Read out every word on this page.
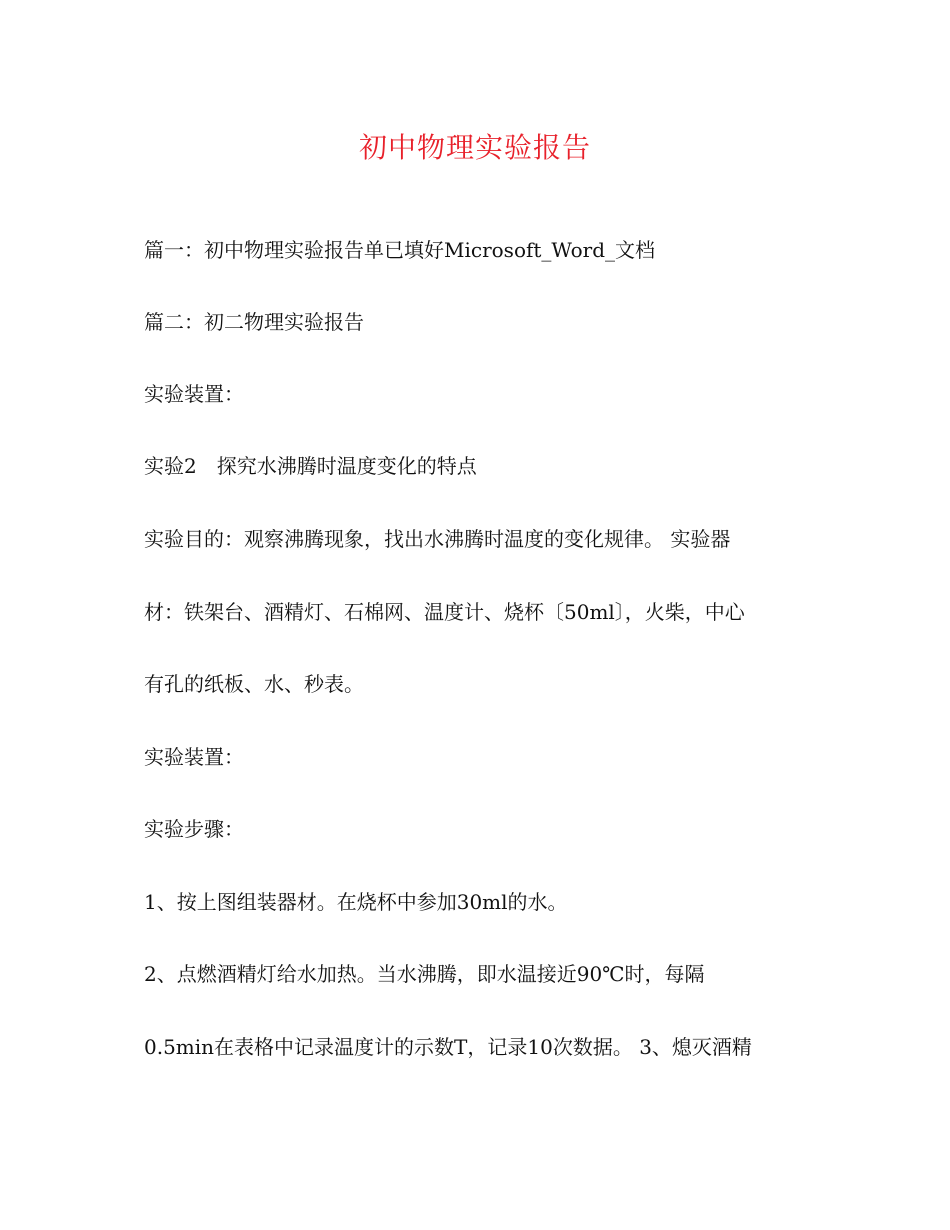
初中物理实验报告
篇一：初中物理实验报告单已填好Microsoft_Word_文档
篇二：初二物理实验报告
实验装置：
实验2　探究水沸腾时温度变化的特点
实验目的：观察沸腾现象，找出水沸腾时温度的变化规律。 实验器
材：铁架台、酒精灯、石棉网、温度计、烧杯〔50ml〕，火柴，中心
有孔的纸板、水、秒表。
实验装置：
实验步骤：
1、按上图组装器材。在烧杯中参加30ml的水。
2、点燃酒精灯给水加热。当水沸腾，即水温接近90℃时，每隔
0.5min在表格中记录温度计的示数T，记录10次数据。 3、熄灭酒精
